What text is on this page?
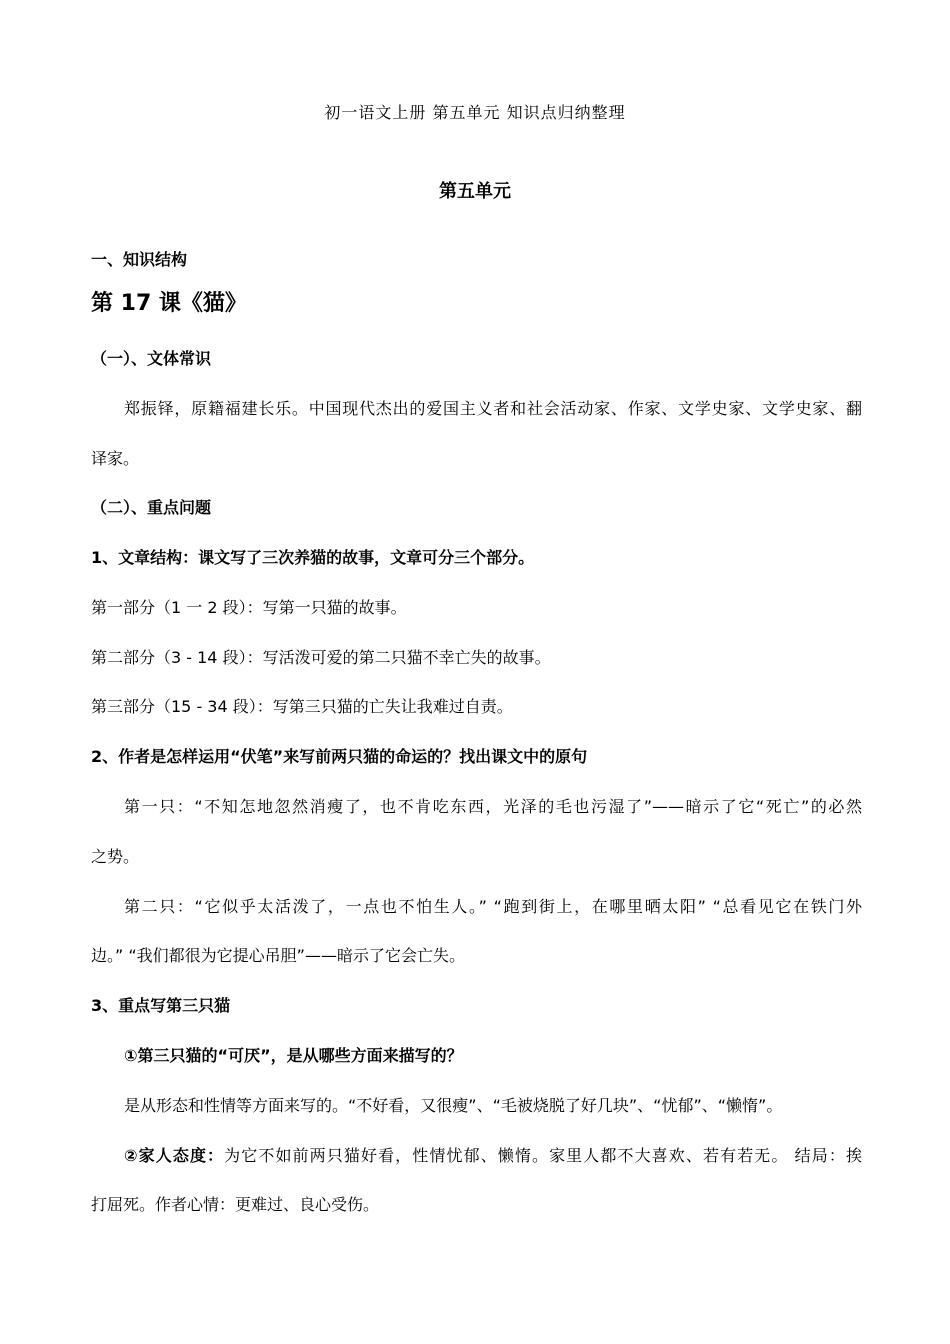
初一语文上册 第五单元 知识点归纳整理
第五单元
一、知识结构
第 17 课《猫》
（一）、文体常识
郑振铎，原籍福建长乐。中国现代杰出的爱国主义者和社会活动家、作家、文学史家、文学史家、翻
译家。
（二）、重点问题
1、文章结构：课文写了三次养猫的故事，文章可分三个部分。
第一部分（1 一 2 段）：写第一只猫的故事。
第二部分（3 - 14 段）：写活泼可爱的第二只猫不幸亡失的故事。
第三部分（15 - 34 段）：写第三只猫的亡失让我难过自责。
2、作者是怎样运用“伏笔”来写前两只猫的命运的？找出课文中的原句
第一只：“不知怎地忽然消瘦了，也不肯吃东西，光泽的毛也污湿了”——暗示了它“死亡”的必然
之势。
第二只：“它似乎太活泼了，一点也不怕生人。” “跑到街上，在哪里晒太阳” “总看见它在铁门外
边。” “我们都很为它提心吊胆”——暗示了它会亡失。
3、重点写第三只猫
①第三只猫的“可厌”，是从哪些方面来描写的？
是从形态和性情等方面来写的。“不好看，又很瘦”、“毛被烧脱了好几块”、“忧郁”、“懒惰”。
②家人态度：为它不如前两只猫好看，性情忧郁、懒惰。家里人都不大喜欢、若有若无。 结局：挨
打屈死。作者心情：更难过、良心受伤。
